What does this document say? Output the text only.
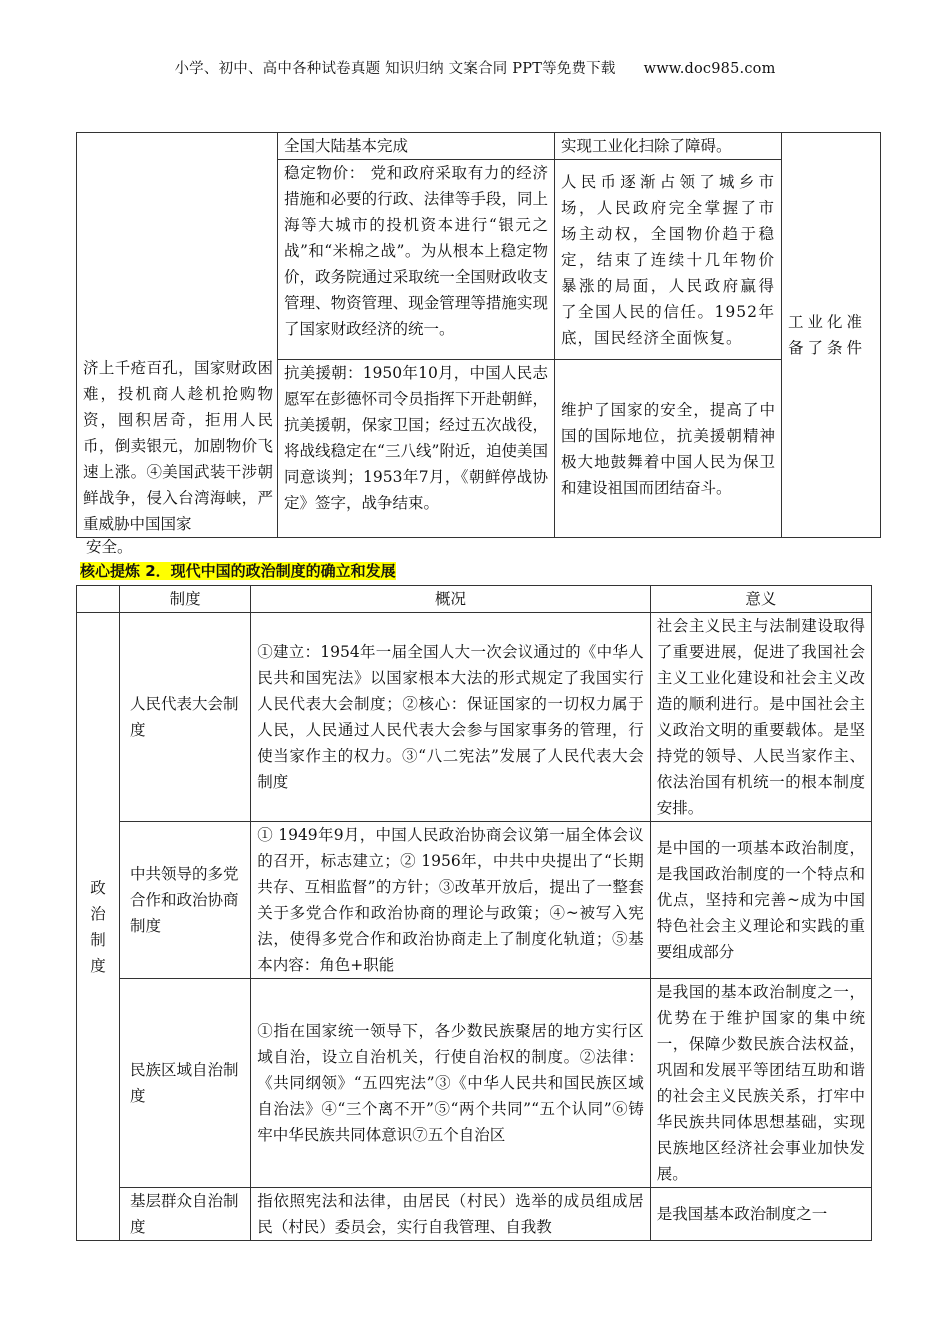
小学、初中、高中各种试卷真题 知识归纳 文案合同 PPT等免费下载 www.doc985.com
济上千疮百孔，国家财政困难，投机商人趁机抢购物资，囤积居奇，拒用人民币，倒卖银元，加剧物价飞速上涨。④美国武装干涉朝鲜战争，侵入台湾海峡，严重威胁中国国家	全国大陆基本完成	实现工业化扫除了障碍。	工业化准备了条件

	稳定物价： 党和政府采取有力的经济措施和必要的行政、法律等手段，同上海等大城市的投机资本进行“银元之战”和“米棉之战”。为从根本上稳定物价，政务院通过采取统一全国财政收支管理、物资管理、现金管理等措施实现了国家财政经济的统一。	人民币逐渐占领了城乡市场，人民政府完全掌握了市场主动权，全国物价趋于稳定，结束了连续十几年物价暴涨的局面，人民政府赢得了全国人民的信任。1952年底，国民经济全面恢复。	
	抗美援朝：1950年10月，中国人民志愿军在彭德怀司令员指挥下开赴朝鲜，抗美援朝，保家卫国；经过五次战役，将战线稳定在“三八线”附近，迫使美国同意谈判；1953年7月，《朝鲜停战协定》签字，战争结束。	维护了国家的安全，提高了中国的国际地位，抗美援朝精神极大地鼓舞着中国人民为保卫和建设祖国而团结奋斗。	
安全。
核心提炼 2．现代中国的政治制度的确立和发展
	制度	概况	意义

政治制度	人民代表大会制度	①建立：1954年一届全国人大一次会议通过的《中华人民共和国宪法》以国家根本大法的形式规定了我国实行人民代表大会制度；②核心：保证国家的一切权力属于人民，人民通过人民代表大会参与国家事务的管理，行使当家作主的权力。③“八二宪法”发展了人民代表大会制度	社会主义民主与法制建设取得了重要进展，促进了我国社会主义工业化建设和社会主义改造的顺利进行。是中国社会主义政治文明的重要载体。是坚持党的领导、人民当家作主、依法治国有机统一的根本制度安排。
	中共领导的多党合作和政治协商制度	① 1949年9月，中国人民政治协商会议第一届全体会议的召开，标志建立；② 1956年，中共中央提出了“长期共存、互相监督”的方针；③改革开放后，提出了一整套关于多党合作和政治协商的理论与政策；④~被写入宪法，使得多党合作和政治协商走上了制度化轨道；⑤基本内容：角色+职能	是中国的一项基本政治制度，是我国政治制度的一个特点和优点，坚持和完善~成为中国特色社会主义理论和实践的重要组成部分
	民族区域自治制度	①指在国家统一领导下，各少数民族聚居的地方实行区域自治，设立自治机关，行使自治权的制度。②法律：《共同纲领》“五四宪法”③《中华人民共和国民族区域自治法》④“三个离不开”⑤“两个共同”“五个认同”⑥铸牢中华民族共同体意识⑦五个自治区	是我国的基本政治制度之一，优势在于维护国家的集中统一，保障少数民族合法权益，巩固和发展平等团结互助和谐的社会主义民族关系，打牢中华民族共同体思想基础，实现民族地区经济社会事业加快发展。
	基层群众自治制度	指依照宪法和法律，由居民（村民）选举的成员组成居民（村民）委员会，实行自我管理、自我教	是我国基本政治制度之一
